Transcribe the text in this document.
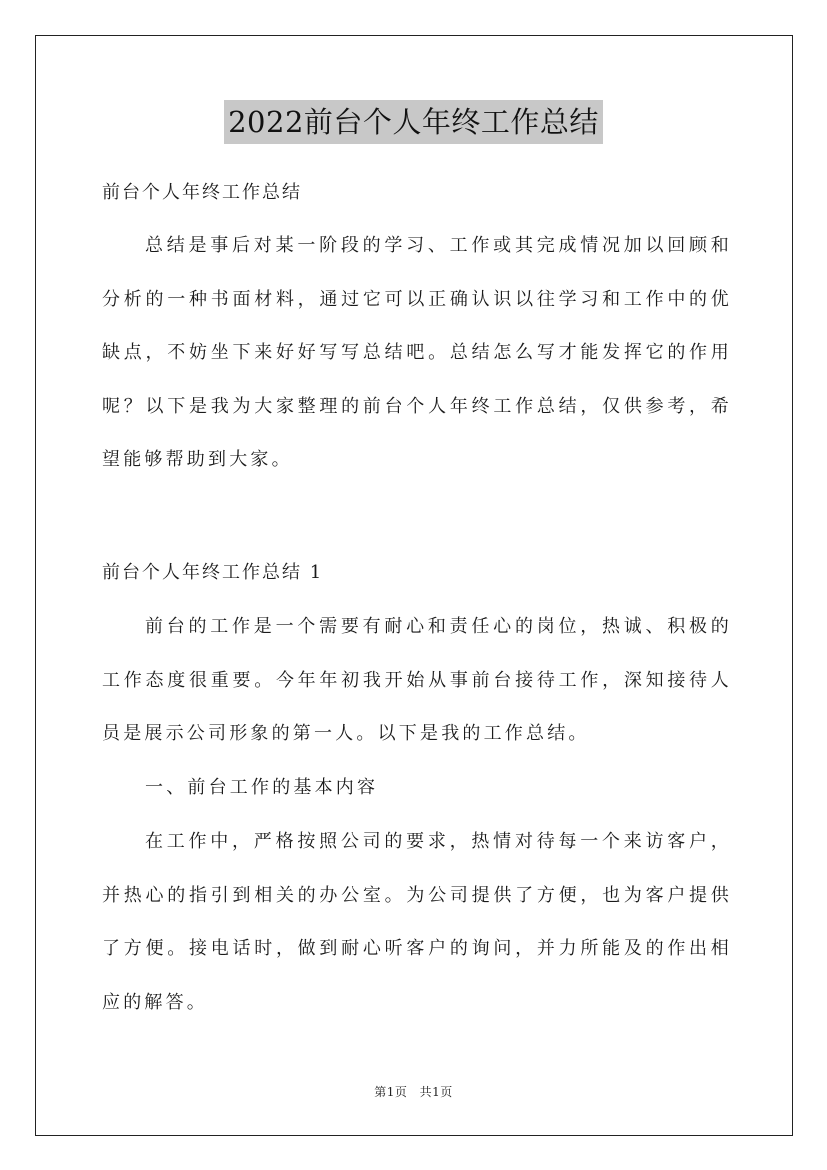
2022前台个人年终工作总结
前台个人年终工作总结

总结是事后对某一阶段的学习、工作或其完成情况加以回顾和分析的一种书面材料，通过它可以正确认识以往学习和工作中的优缺点，不妨坐下来好好写写总结吧。总结怎么写才能发挥它的作用呢？以下是我为大家整理的前台个人年终工作总结，仅供参考，希望能够帮助到大家。

前台个人年终工作总结 1

前台的工作是一个需要有耐心和责任心的岗位，热诚、积极的工作态度很重要。今年年初我开始从事前台接待工作，深知接待人员是展示公司形象的第一人。以下是我的工作总结。

一、前台工作的基本内容

在工作中，严格按照公司的要求，热情对待每一个来访客户，并热心的指引到相关的办公室。为公司提供了方便，也为客户提供了方便。接电话时，做到耐心听客户的询问，并力所能及的作出相应的解答。

第1页 共1页
